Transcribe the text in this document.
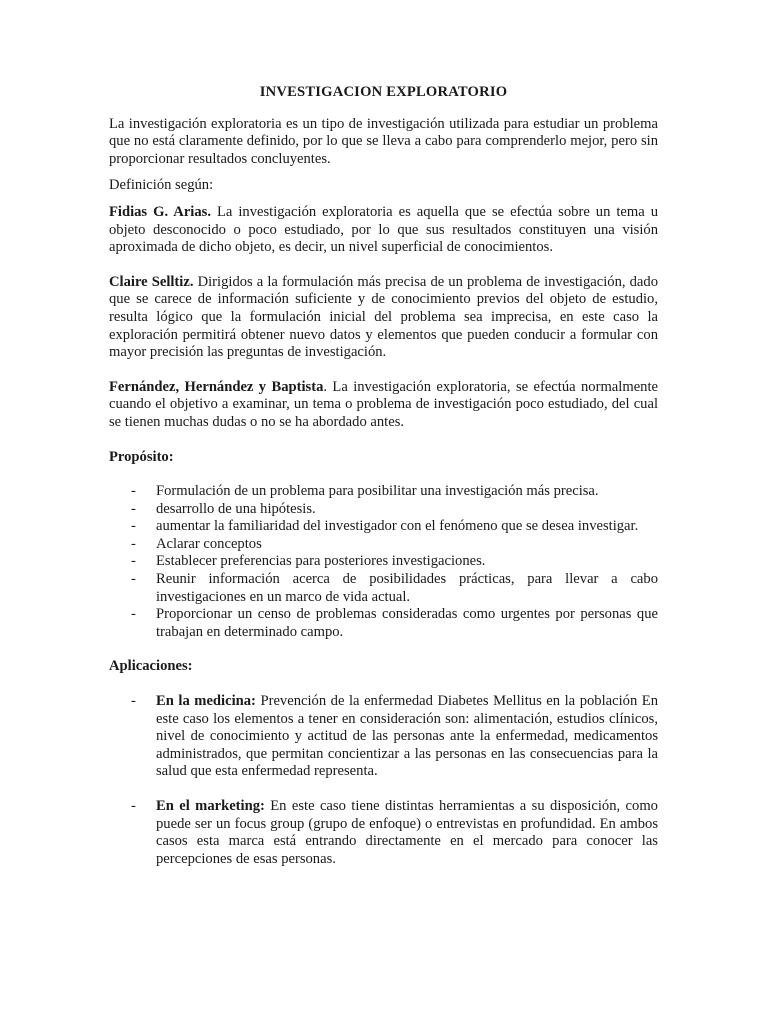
INVESTIGACION EXPLORATORIO

La investigación exploratoria es un tipo de investigación utilizada para estudiar un problema que no está claramente definido, por lo que se lleva a cabo para comprenderlo mejor, pero sin proporcionar resultados concluyentes.

Definición según:

Fidias G. Arias. La investigación exploratoria es aquella que se efectúa sobre un tema u objeto desconocido o poco estudiado, por lo que sus resultados constituyen una visión aproximada de dicho objeto, es decir, un nivel superficial de conocimientos.

Claire Selltiz. Dirigidos a la formulación más precisa de un problema de investigación, dado que se carece de información suficiente y de conocimiento previos del objeto de estudio, resulta lógico que la formulación inicial del problema sea imprecisa, en este caso la exploración permitirá obtener nuevo datos y elementos que pueden conducir a formular con mayor precisión las preguntas de investigación.

Fernández, Hernández y Baptista. La investigación exploratoria, se efectúa normalmente cuando el objetivo a examinar, un tema o problema de investigación poco estudiado, del cual se tienen muchas dudas o no se ha abordado antes.

Propósito:

- Formulación de un problema para posibilitar una investigación más precisa.
- desarrollo de una hipótesis.
- aumentar la familiaridad del investigador con el fenómeno que se desea investigar.
- Aclarar conceptos
- Establecer preferencias para posteriores investigaciones.
- Reunir información acerca de posibilidades prácticas, para llevar a cabo investigaciones en un marco de vida actual.
- Proporcionar un censo de problemas consideradas como urgentes por personas que trabajan en determinado campo.

Aplicaciones:

- En la medicina: Prevención de la enfermedad Diabetes Mellitus en la población En este caso los elementos a tener en consideración son: alimentación, estudios clínicos, nivel de conocimiento y actitud de las personas ante la enfermedad, medicamentos administrados, que permitan concientizar a las personas en las consecuencias para la salud que esta enfermedad representa.
- En el marketing: En este caso tiene distintas herramientas a su disposición, como puede ser un focus group (grupo de enfoque) o entrevistas en profundidad. En ambos casos esta marca está entrando directamente en el mercado para conocer las percepciones de esas personas.
